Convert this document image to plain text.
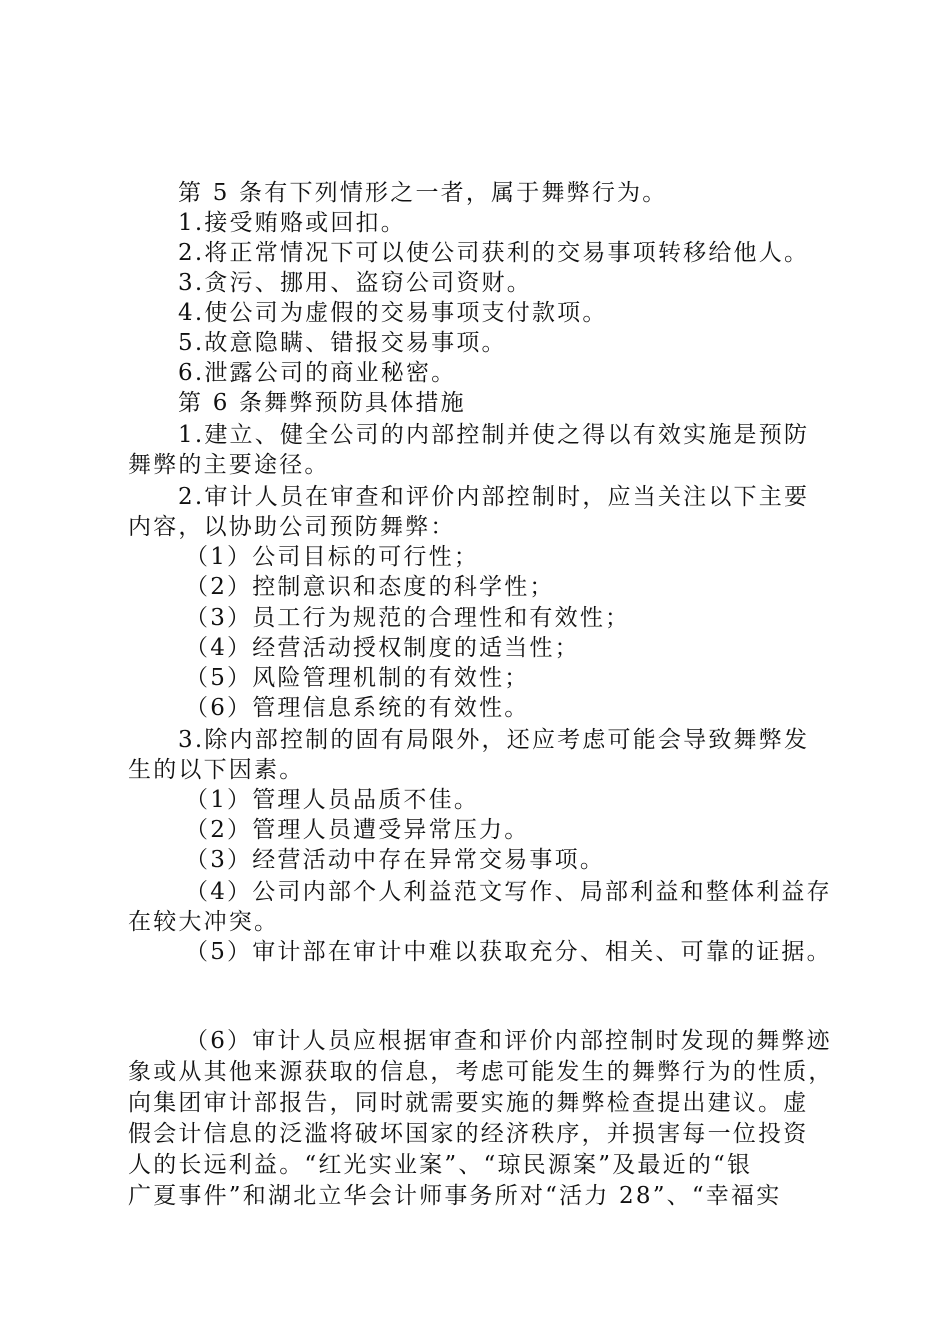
第 5 条有下列情形之一者，属于舞弊行为。
1.接受贿赂或回扣。
2.将正常情况下可以使公司获利的交易事项转移给他人。
3.贪污、挪用、盗窃公司资财。
4.使公司为虚假的交易事项支付款项。
5.故意隐瞒、错报交易事项。
6.泄露公司的商业秘密。
第 6 条舞弊预防具体措施
1.建立、健全公司的内部控制并使之得以有效实施是预防
舞弊的主要途径。
2.审计人员在审查和评价内部控制时，应当关注以下主要
内容，以协助公司预防舞弊：
（1）公司目标的可行性；
（2）控制意识和态度的科学性；
（3）员工行为规范的合理性和有效性；
（4）经营活动授权制度的适当性；
（5）风险管理机制的有效性；
（6）管理信息系统的有效性。
3.除内部控制的固有局限外，还应考虑可能会导致舞弊发
生的以下因素。
（1）管理人员品质不佳。
（2）管理人员遭受异常压力。
（3）经营活动中存在异常交易事项。
（4）公司内部个人利益范文写作、局部利益和整体利益存
在较大冲突。
（5）审计部在审计中难以获取充分、相关、可靠的证据。
（6）审计人员应根据审查和评价内部控制时发现的舞弊迹
象或从其他来源获取的信息，考虑可能发生的舞弊行为的性质，
向集团审计部报告，同时就需要实施的舞弊检查提出建议。虚
假会计信息的泛滥将破坏国家的经济秩序，并损害每一位投资
人的长远利益。“红光实业案”、“琼民源案”及最近的“银
广夏事件”和湖北立华会计师事务所对“活力 28”、“幸福实
